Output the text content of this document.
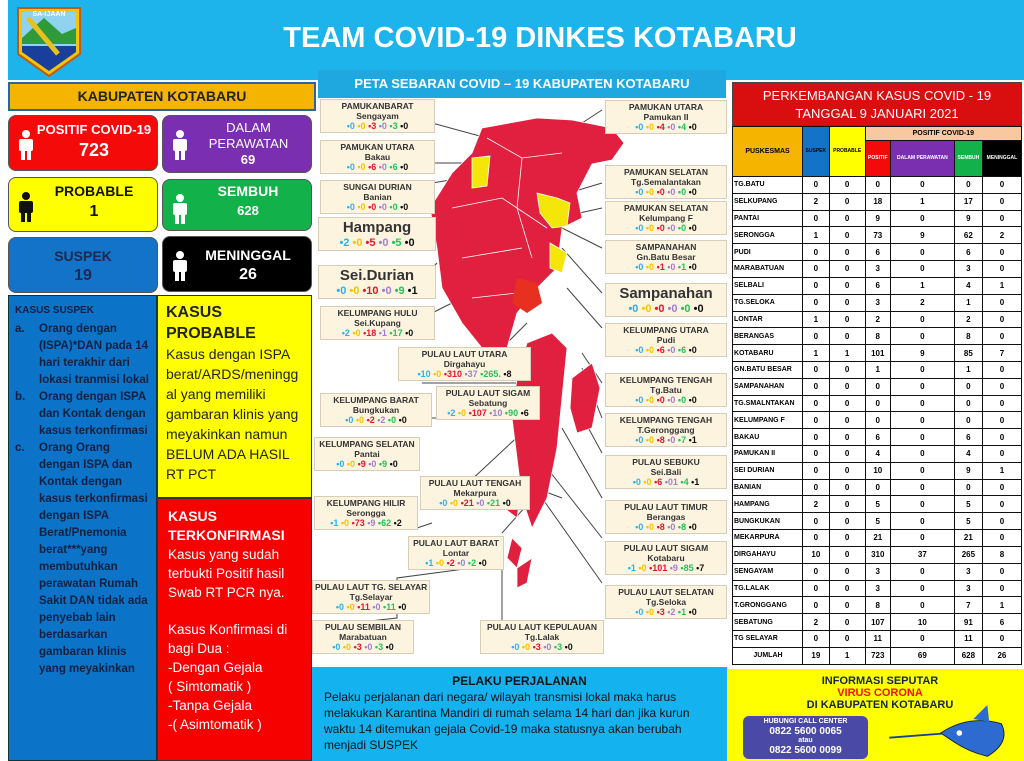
SA-IJAAN
TEAM COVID-19 DINKES KOTABARU
KABUPATEN KOTABARU
POSITIF COVID-19
723
DALAM PERAWATAN
69
PROBABLE
1
SEMBUH
628
SUSPEK
19
MENINGGAL
26
KASUS SUSPEK
a.	Orang dengan (ISPA)*DAN pada 14 hari terakhir dari lokasi tranmisi lokal
b.	Orang dengan ISPA dan Kontak dengan kasus terkonfirmasi
c.	Orang Orang dengan ISPA dan Kontak dengan kasus terkonfirmasi dengan ISPA Berat/Pnemonia berat***yang membutuhkan perawatan Rumah Sakit DAN tidak ada penyebab lain berdasarkan gambaran klinis yang meyakinkan
KASUS PROBABLE
Kasus dengan ISPA berat/ARDS/meninggal yang memiliki gambaran klinis yang meyakinkan namun BELUM ADA HASIL RT PCT
KASUS TERKONFIRMASI
Kasus yang sudah terbukti Positif hasil Swab RT PCR nya.
Kasus Konfirmasi di bagi Dua :
-Dengan Gejala
( Simtomatik )
-Tanpa Gejala
-( Asimtomatik )
PETA SEBARAN COVID – 19 KABUPATEN KOTABARU
PAMUKANBARAT
Sengayam
•0 •0 •3 •0 •3 •0
PAMUKAN UTARA
Bakau
•0 •0 •6 •0 •6 •0
SUNGAI DURIAN
Banian
•0 •0 •0 •0 •0 •0
Hampang
•2 •0 •5 •0 •5 •0
Sei.Durian
•0 •0 •10 •0 •9 •1
KELUMPANG HULU
Sei.Kupang
•2 •0 •18 •1 •17 •0
PULAU LAUT UTARA
Dirgahayu
•10 •0 •310 •37 •265. •8
KELUMPANG BARAT
Bungkukan
•0 •0 •2 •2 •0 •0
PULAU LAUT SIGAM
Sebatung
•2 •0 •107 •10 •90 •6
KELUMPANG SELATAN
Pantai
•0 •0 •9 •0 •9 •0
PULAU LAUT TENGAH
Mekarpura
•0 •0 •21 •0 •21 •0
KELUMPANG HILIR
Serongga
•1 •0 •73 •9 •62 •2
PULAU LAUT BARAT
Lontar
•1 •0 •2 •0 •2 •0
PULAU LAUT TG. SELAYAR
Tg.Selayar
•0 •0 •11 •0 •11 •0
PULAU SEMBILAN
Marabatuan
•0 •0 •3 •0 •3 •0
PULAU LAUT KEPULAUAN
Tg.Lalak
•0 •0 •3 •0 •3 •0
PAMUKAN UTARA
Pamukan II
•0 •0 •4 •0 •4 •0
PAMUKAN SELATAN
Tg.Semalantakan
•0 •0 •0 •0 •0 •0
PAMUKAN SELATAN
Kelumpang F
•0 •0 •0 •0 •0 •0
SAMPANAHAN
Gn.Batu Besar
•0 •0 •1 •0 •1 •0
Sampanahan
•0 •0 •0 •0 •0 •0
KELUMPANG UTARA
Pudi
•0 •0 •6 •0 •6 •0
KELUMPANG TENGAH
Tg.Batu
•0 •0 •0 •0 •0 •0
KELUMPANG TENGAH
T.Geronggang
•0 •0 •8 •0 •7 •1
PULAU SEBUKU
Sei.Bali
•0 •0 •6 •01 •4 •1
PULAU LAUT TIMUR
Berangas
•0 •0 •8 •0 •8 •0
PULAU LAUT SIGAM
Kotabaru
•1 •0 •101 •9 •85 •7
PULAU LAUT SELATAN
Tg.Seloka
•0 •0 •3 •2 •1 •0
PERKEMBANGAN KASUS COVID - 19
TANGGAL 9 JANUARI 2021
PUSKESMAS	SUSPEK	PROBABLE	POSITIF COVID-19			
			POSITIF	DALAM PERAWATAN	SEMBUH	MENINGGAL
TG.BATU	0	0	0	0	0	0
SELKUPANG	2	0	18	1	17	0
PANTAI	0	0	9	0	9	0
SERONGGA	1	0	73	9	62	2
PUDI	0	0	6	0	6	0
MARABATUAN	0	0	3	0	3	0
SELBALI	0	0	6	1	4	1
TG.SELOKA	0	0	3	2	1	0
LONTAR	1	0	2	0	2	0
BERANGAS	0	0	8	0	8	0
KOTABARU	1	1	101	9	85	7
GN.BATU BESAR	0	0	1	0	1	0
SAMPANAHAN	0	0	0	0	0	0
TG.SMALNTAKAN	0	0	0	0	0	0
KELUMPANG F	0	0	0	0	0	0
BAKAU	0	0	6	0	6	0
PAMUKAN II	0	0	4	0	4	0
SEI DURIAN	0	0	10	0	9	1
BANIAN	0	0	0	0	0	0
HAMPANG	2	0	5	0	5	0
BUNGKUKAN	0	0	5	0	5	0
MEKARPURA	0	0	21	0	21	0
DIRGAHAYU	10	0	310	37	265	8
SENGAYAM	0	0	3	0	3	0
TG.LALAK	0	0	3	0	3	0
T.GRONGGANG	0	0	8	0	7	1
SEBATUNG	2	0	107	10	91	6
TG SELAYAR	0	0	11	0	11	0
JUMLAH	19	1	723	69	628	26
PELAKU PERJALANAN
Pelaku perjalanan dari negara/ wilayah transmisi lokal maka harus melakukan Karantina Mandiri di rumah selama 14 hari dan jika kurun waktu 14 ditemukan gejala Covid-19 maka statusnya akan berubah menjadi SUSPEK
INFORMASI SEPUTAR
VIRUS CORONA
DI KABUPATEN KOTABARU
HUBUNGI CALL CENTER
0822 5600 0065
atau
0822 5600 0099
